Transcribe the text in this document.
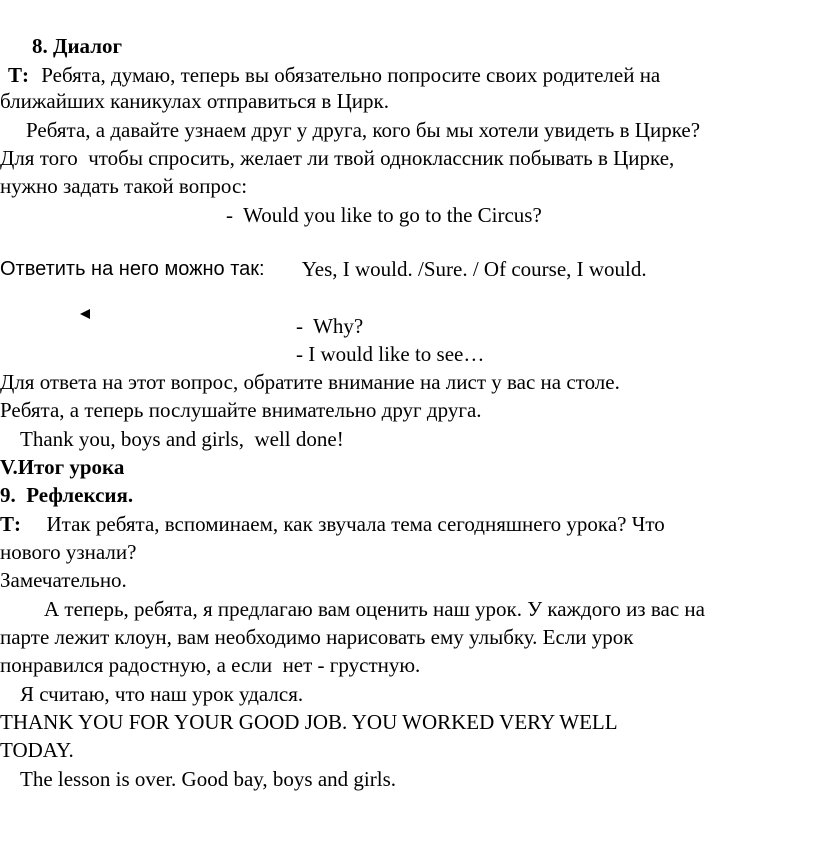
8. Диалог
Т: Ребята, думаю, теперь вы обязательно попросите своих родителей на
ближайших каникулах отправиться в Цирк.
Ребята, а давайте узнаем друг у друга, кого бы мы хотели увидеть в Цирке?
Для того  чтобы спросить, желает ли твой одноклассник побывать в Цирке,
нужно задать такой вопрос:
-  Would you like to go to the Circus?
Ответить на него можно так: Yes, I would. /Sure. / Of course, I would.
-  Why?
- I would like to see…
Для ответа на этот вопрос, обратите внимание на лист у вас на столе.
Ребята, а теперь послушайте внимательно друг друга.
Thank you, boys and girls,  well done!
V.Итог урока
9.  Рефлексия.
Т: Итак ребята, вспоминаем, как звучала тема сегодняшнего урока? Что
нового узнали?
Замечательно.
А теперь, ребята, я предлагаю вам оценить наш урок. У каждого из вас на
парте лежит клоун, вам необходимо нарисовать ему улыбку. Если урок
понравился радостную, а если  нет - грустную.
Я считаю, что наш урок удался.
THANK YOU FOR YOUR GOOD JOB. YOU WORKED VERY WELL
TODAY.
The lesson is over. Good bay, boys and girls.
